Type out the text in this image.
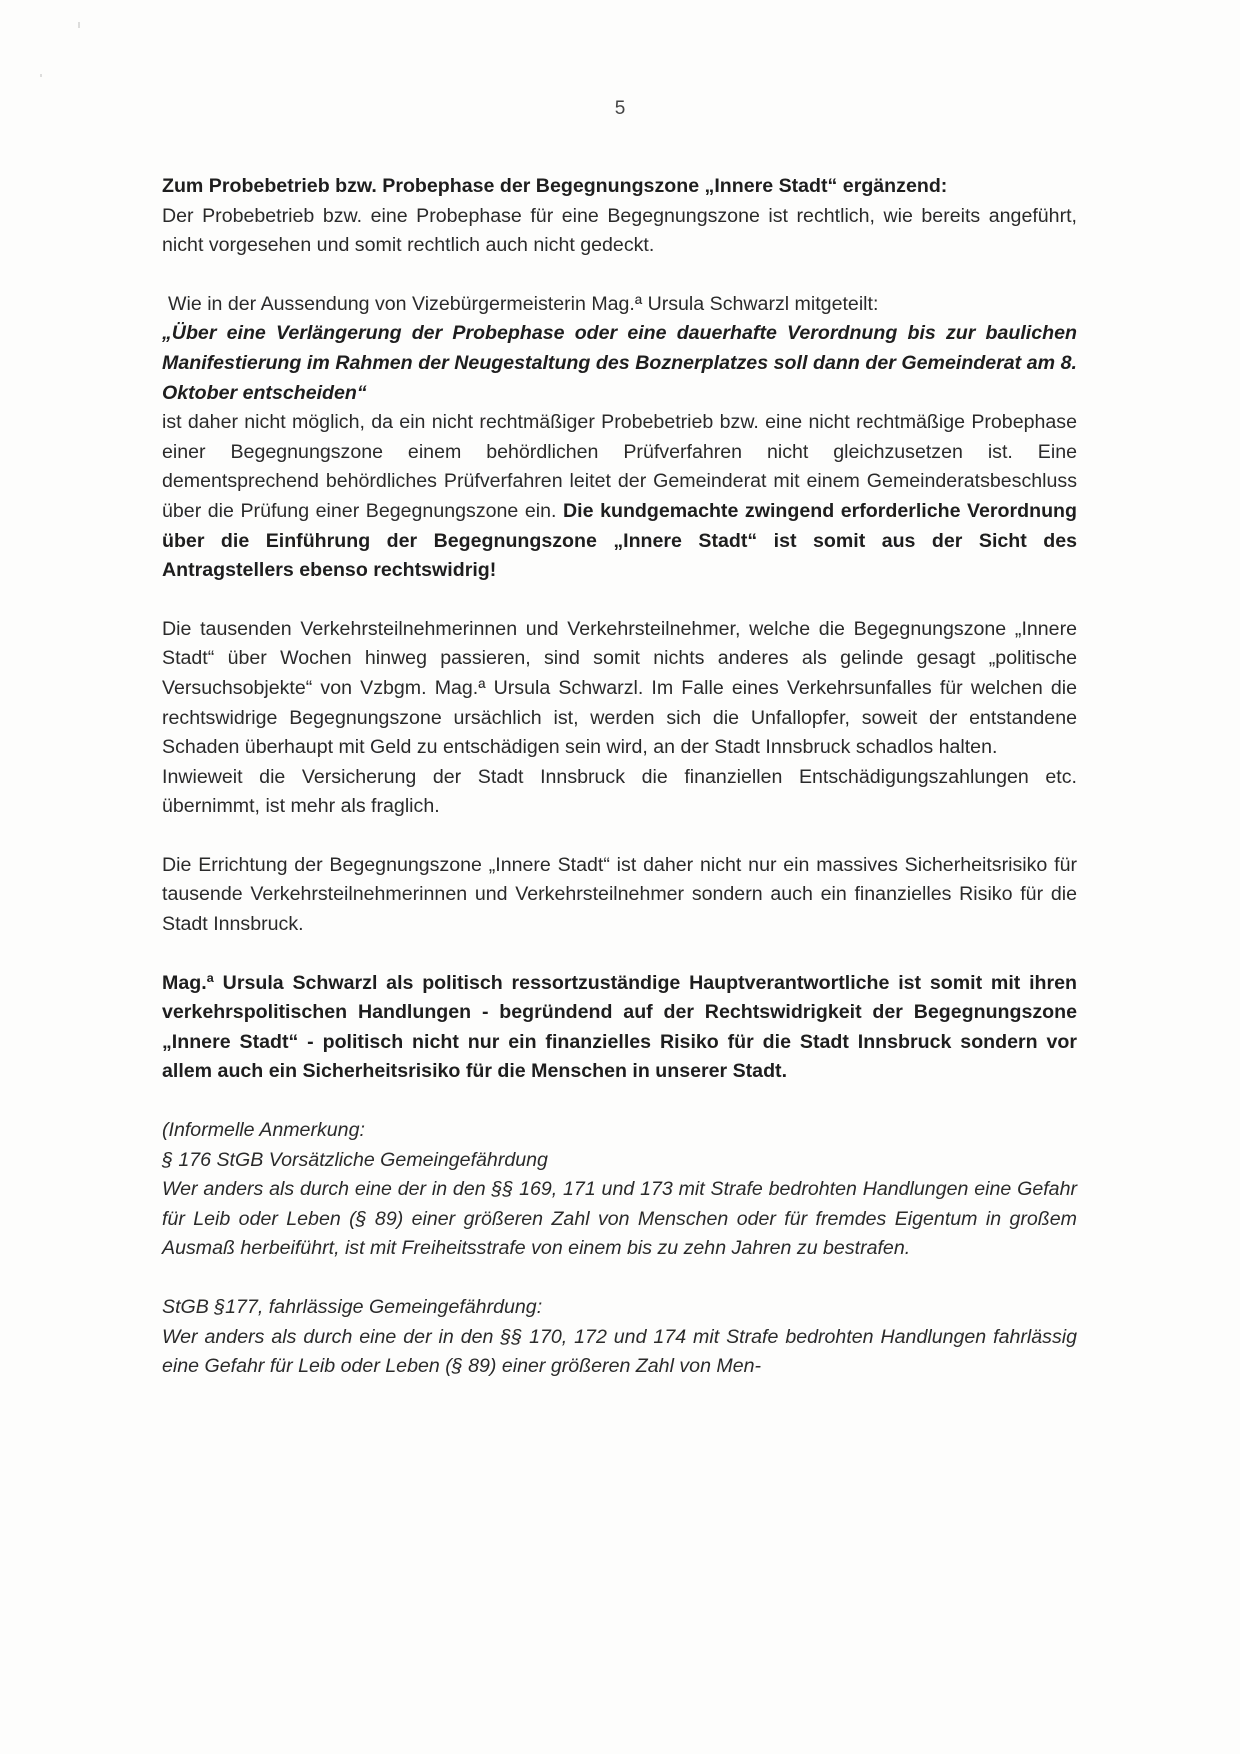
5

Zum Probebetrieb bzw. Probephase der Begegnungszone „Innere Stadt“ ergänzend:
Der Probebetrieb bzw. eine Probephase für eine Begegnungszone ist rechtlich, wie bereits angeführt, nicht vorgesehen und somit rechtlich auch nicht gedeckt.

Wie in der Aussendung von Vizebürgermeisterin Mag.ª Ursula Schwarzl mitgeteilt:
„Über eine Verlängerung der Probephase oder eine dauerhafte Verordnung bis zur baulichen Manifestierung im Rahmen der Neugestaltung des Boznerplatzes soll dann der Gemeinderat am 8. Oktober entscheiden“
ist daher nicht möglich, da ein nicht rechtmäßiger Probebetrieb bzw. eine nicht rechtmäßige Probephase einer Begegnungszone einem behördlichen Prüfverfahren nicht gleichzusetzen ist. Eine dementsprechend behördliches Prüfverfahren leitet der Gemeinderat mit einem Gemeinderatsbeschluss über die Prüfung einer Begegnungszone ein. Die kundgemachte zwingend erforderliche Verordnung über die Einführung der Begegnungszone „Innere Stadt“ ist somit aus der Sicht des Antragstellers ebenso rechtswidrig!

Die tausenden Verkehrsteilnehmerinnen und Verkehrsteilnehmer, welche die Begegnungszone „Innere Stadt“ über Wochen hinweg passieren, sind somit nichts anderes als gelinde gesagt „politische Versuchsobjekte“ von Vzbgm. Mag.ª Ursula Schwarzl. Im Falle eines Verkehrsunfalles für welchen die rechtswidrige Begegnungszone ursächlich ist, werden sich die Unfallopfer, soweit der entstandene Schaden überhaupt mit Geld zu entschädigen sein wird, an der Stadt Innsbruck schadlos halten.
Inwieweit die Versicherung der Stadt Innsbruck die finanziellen Entschädigungszahlungen etc. übernimmt, ist mehr als fraglich.

Die Errichtung der Begegnungszone „Innere Stadt“ ist daher nicht nur ein massives Sicherheitsrisiko für tausende Verkehrsteilnehmerinnen und Verkehrsteilnehmer sondern auch ein finanzielles Risiko für die Stadt Innsbruck.

Mag.ª Ursula Schwarzl als politisch ressortzuständige Hauptverantwortliche ist somit mit ihren verkehrspolitischen Handlungen - begründend auf der Rechtswidrigkeit der Begegnungszone „Innere Stadt“ - politisch nicht nur ein finanzielles Risiko für die Stadt Innsbruck sondern vor allem auch ein Sicherheitsrisiko für die Menschen in unserer Stadt.

(Informelle Anmerkung:
§ 176 StGB Vorsätzliche Gemeingefährdung
Wer anders als durch eine der in den §§ 169, 171 und 173 mit Strafe bedrohten Handlungen eine Gefahr für Leib oder Leben (§ 89) einer größeren Zahl von Menschen oder für fremdes Eigentum in großem Ausmaß herbeiführt, ist mit Freiheitsstrafe von einem bis zu zehn Jahren zu bestrafen.

StGB §177, fahrlässige Gemeingefährdung:
Wer anders als durch eine der in den §§ 170, 172 und 174 mit Strafe bedrohten Handlungen fahrlässig eine Gefahr für Leib oder Leben (§ 89) einer größeren Zahl von Men-
